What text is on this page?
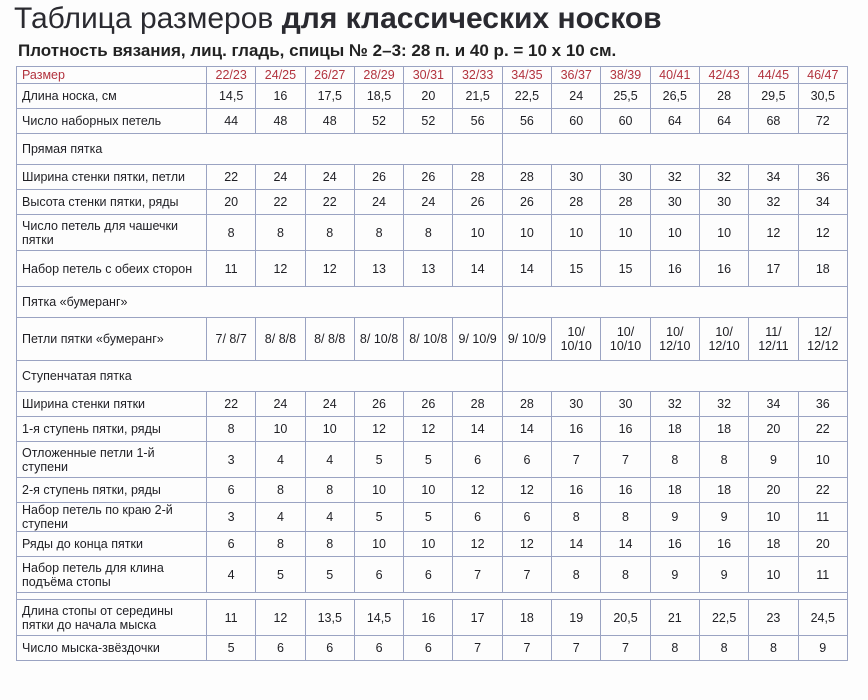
Таблица размеров для классических носков
Плотность вязания, лиц. гладь, спицы № 2–3: 28 п. и 40 р. = 10 х 10 см.
Размер	22/23	24/25	26/27	28/29	30/31	32/33	34/35	36/37	38/39	40/41	42/43	44/45	46/47
Длина носка, см	14,5	16	17,5	18,5	20	21,5	22,5	24	25,5	26,5	28	29,5	30,5
Число наборных петель	44	48	48	52	52	56	56	60	60	64	64	68	72
Прямая пятка													
Ширина стенки пятки, петли	22	24	24	26	26	28	28	30	30	32	32	34	36
Высота стенки пятки, ряды	20	22	22	24	24	26	26	28	28	30	30	32	34
Число петель для чашечки пятки	8	8	8	8	8	10	10	10	10	10	10	12	12
Набор петель с обеих сторон	11	12	12	13	13	14	14	15	15	16	16	17	18
Пятка «бумеранг»													
Петли пятки «бумеранг»	7/ 8/7	8/ 8/8	8/ 8/8	8/ 10/8	8/ 10/8	9/ 10/9	9/ 10/9	10/ 10/10	10/ 10/10	10/ 12/10	10/ 12/10	11/ 12/11	12/ 12/12
Ступенчатая пятка													
Ширина стенки пятки	22	24	24	26	26	28	28	30	30	32	32	34	36
1-я ступень пятки, ряды	8	10	10	12	12	14	14	16	16	18	18	20	22
Отложенные петли 1-й ступени	3	4	4	5	5	6	6	7	7	8	8	9	10
2-я ступень пятки, ряды	6	8	8	10	10	12	12	16	16	18	18	20	22
Набор петель по краю 2-й ступени	3	4	4	5	5	6	6	8	8	9	9	10	11
Ряды до конца пятки	6	8	8	10	10	12	12	14	14	16	16	18	20
Набор петель для клина подъёма стопы	4	5	5	6	6	7	7	8	8	9	9	10	11

Длина стопы от середины пятки до начала мыска	11	12	13,5	14,5	16	17	18	19	20,5	21	22,5	23	24,5
Число мыска-звёздочки	5	6	6	6	6	7	7	7	7	8	8	8	9
